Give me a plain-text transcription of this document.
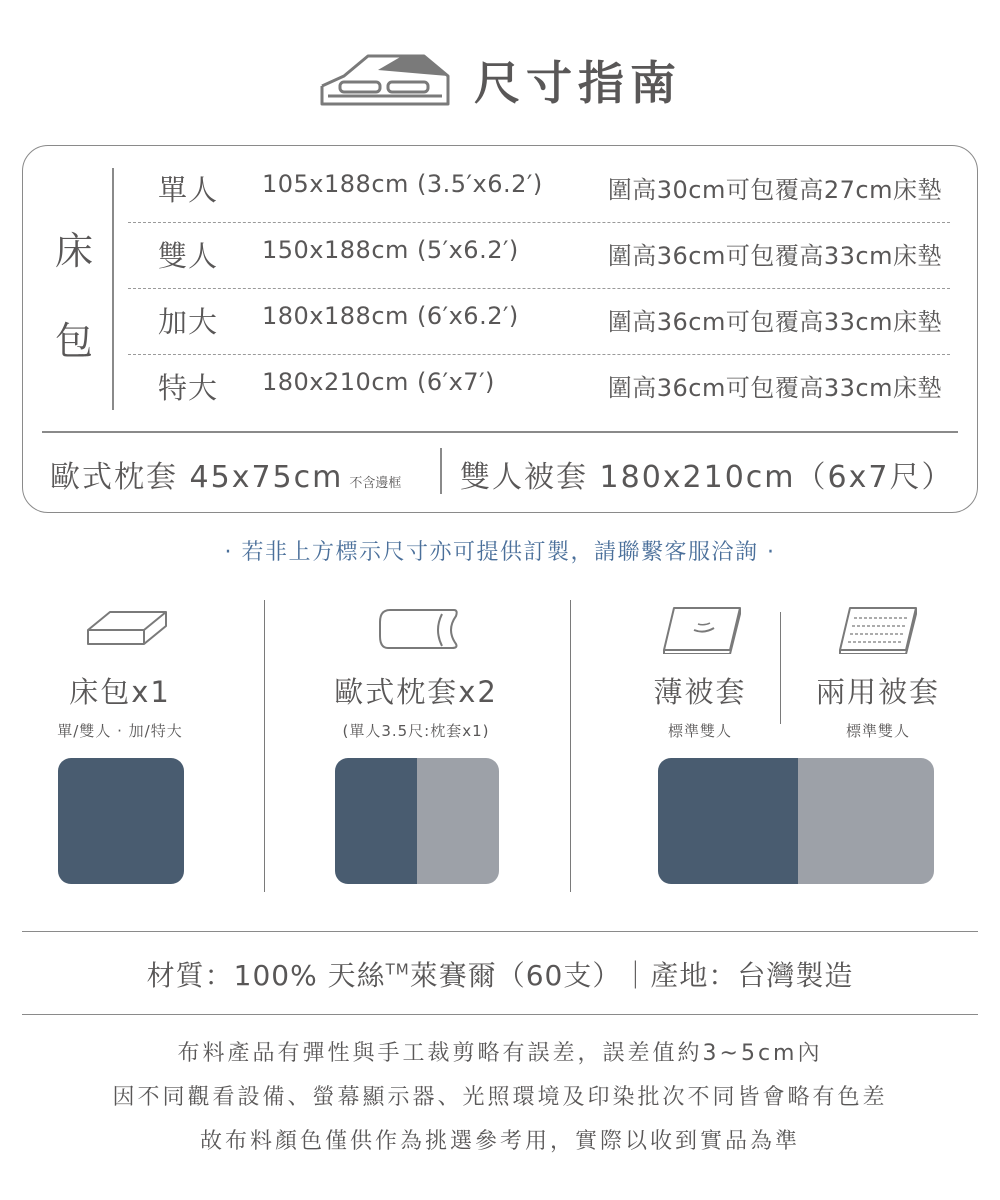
尺寸指南
床
包
單人 105x188cm (3.5′x6.2′)	圍高30cm可包覆高27cm床墊
雙人 150x188cm (5′x6.2′)	圍高36cm可包覆高33cm床墊
加大 180x188cm (6′x6.2′)	圍高36cm可包覆高33cm床墊
特大 180x210cm (6′x7′)	圍高36cm可包覆高33cm床墊
歐式枕套 45x75cm 不含邊框 雙人被套 180x210cm（6x7尺）
· 若非上方標示尺寸亦可提供訂製，請聯繫客服洽詢 ·
床包x1
單/雙人 · 加/特大
歐式枕套x2
(單人3.5尺:枕套x1)
薄被套
標準雙人
兩用被套
標準雙人
材質：100% 天絲™萊賽爾（60支）｜產地：台灣製造
布料產品有彈性與手工裁剪略有誤差，誤差值約3~5cm內
因不同觀看設備、螢幕顯示器、光照環境及印染批次不同皆會略有色差
故布料顏色僅供作為挑選參考用，實際以收到實品為準
